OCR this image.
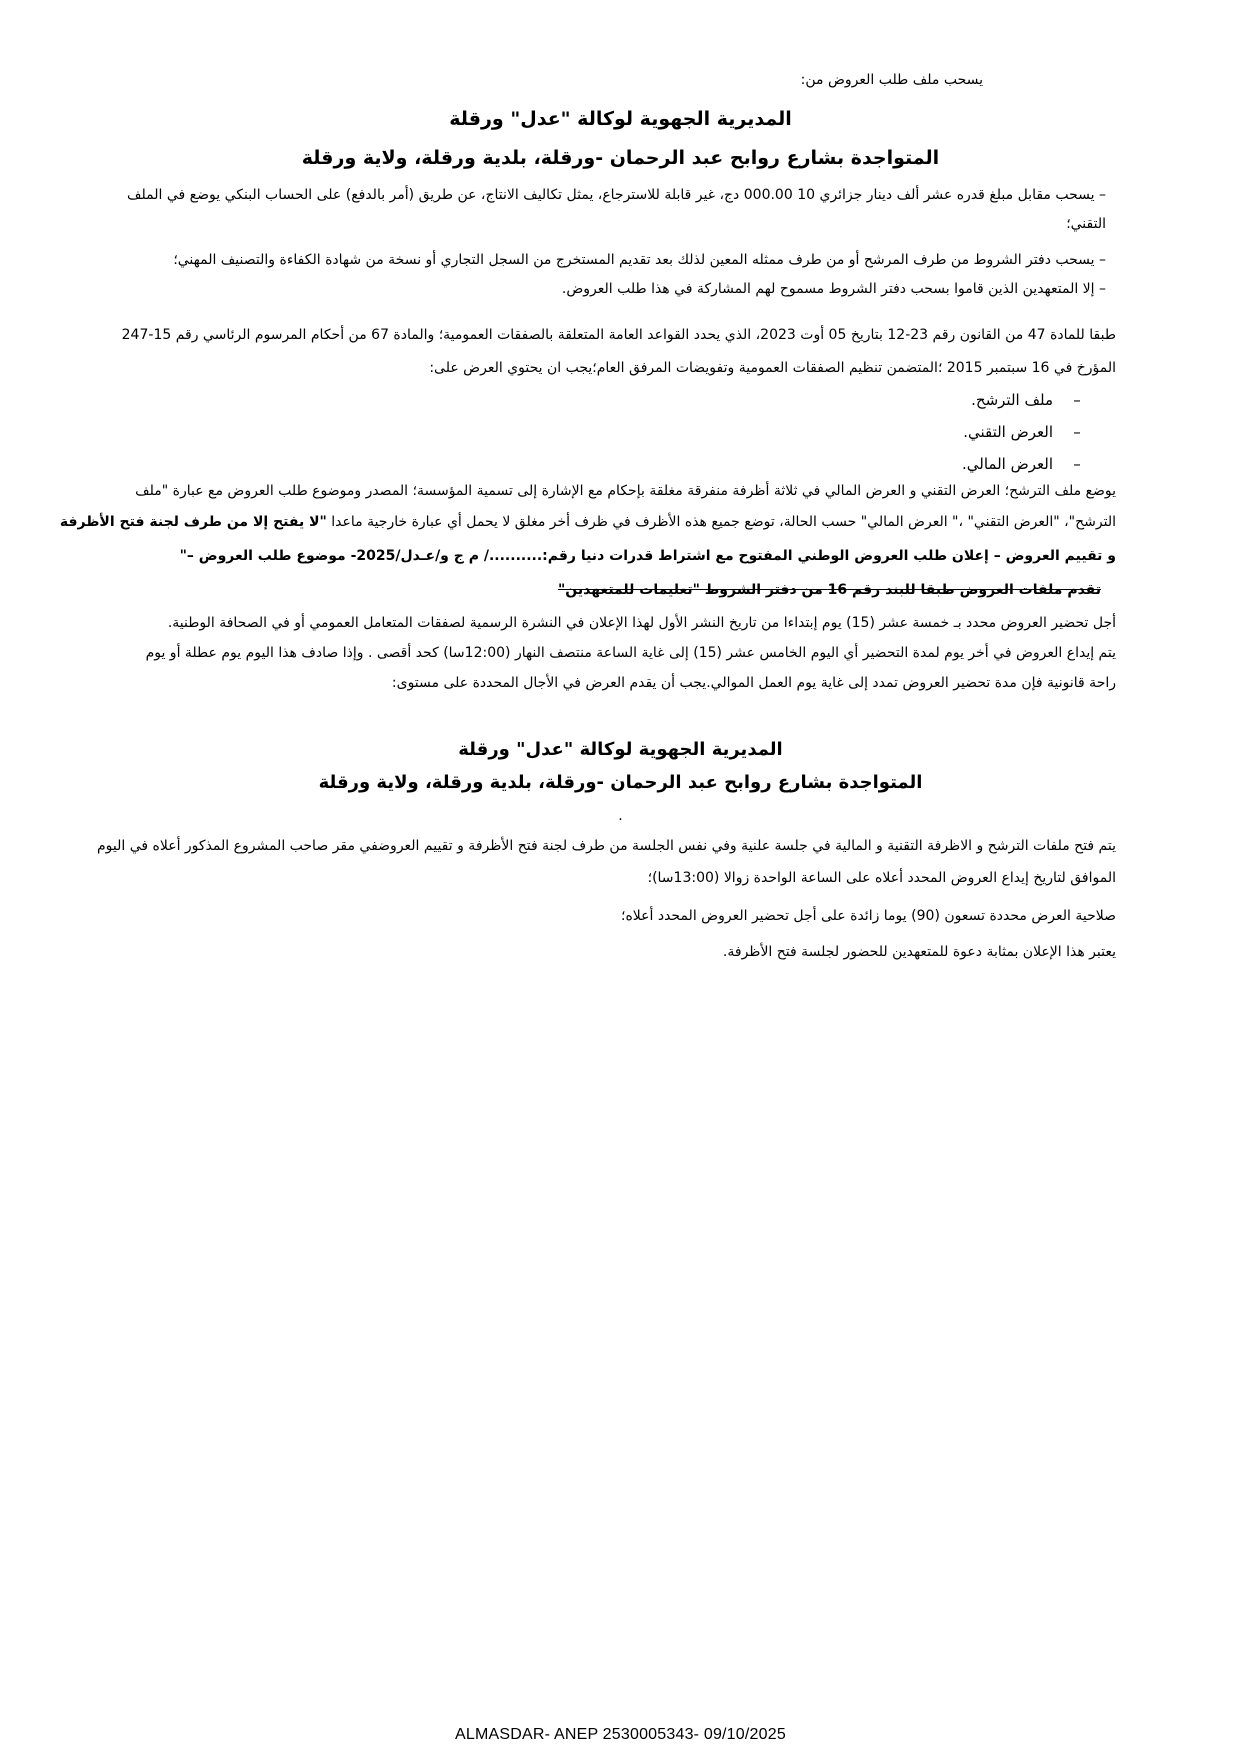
يسحب ملف طلب العروض من:
المديرية الجهوية لوكالة "عدل" ورقلة
المتواجدة بشارع روابح عبد الرحمان -ورقلة، بلدية ورقلة، ولاية ورقلة
– يسحب مقابل مبلغ قدره عشر ألف دينار جزائري 10 000.00 دج، غير قابلة للاسترجاع، يمثل تكاليف الانتاج، عن طريق (أمر بالدفع) على الحساب البنكي يوضع في الملف
التقني؛
– يسحب دفتر الشروط من طرف المرشح أو من طرف ممثله المعين لذلك بعد تقديم المستخرج من السجل التجاري أو نسخة من شهادة الكفاءة والتصنيف المهني؛
– إلا المتعهدين الذين قاموا بسحب دفتر الشروط مسموح لهم المشاركة في هذا طلب العروض.
طبقا للمادة 47 من القانون رقم 23-12 بتاريخ 05 أوت 2023، الذي يحدد القواعد العامة المتعلقة بالصفقات العمومية؛ والمادة 67 من أحكام المرسوم الرئاسي رقم 15-247
المؤرخ في 16 سبتمبر 2015 ؛المتضمن تنظيم الصفقات العمومية وتفويضات المرفق العام؛يجب ان يحتوي العرض على:
–
ملف الترشح.
–
العرض التقني.
–
العرض المالي.
يوضع ملف الترشح؛ العرض التقني و العرض المالي في ثلاثة أظرفة منفرقة مغلقة بإحكام مع الإشارة إلى تسمية المؤسسة؛ المصدر وموضوع طلب العروض مع عبارة "ملف
الترشح"، "العرض التقني" ،" العرض المالي" حسب الحالة، توضع جميع هذه الأظرف في ظرف أخر مغلق لا يحمل أي عبارة خارجية ماعدا "لا يفتح إلا من طرف لجنة فتح الأظرفة
و تقييم العروض – إعلان طلب العروض الوطني المفتوح مع اشتراط قدرات دنيا رقم:........../ م ج و/عـدل/2025- موضوع طلب العروض –"
تقدم ملفات العروض طبقا للبند رقم 16 من دفتر الشروط "تعليمات للمتعهدين"
أجل تحضير العروض محدد بـ خمسة عشر (15) يوم إبتداءا من تاريخ النشر الأول لهذا الإعلان في النشرة الرسمية لصفقات المتعامل العمومي أو في الصحافة الوطنية.
يتم إيداع العروض في أخر يوم لمدة التحضير أي اليوم الخامس عشر (15) إلى غاية الساعة منتصف النهار (12:00سا) كحد أقصى . وإذا صادف هذا اليوم يوم عطلة أو يوم
راحة قانونية فإن مدة تحضير العروض تمدد إلى غاية يوم العمل الموالي.يجب أن يقدم العرض في الأجال المحددة على مستوى:
المديرية الجهوية لوكالة "عدل" ورقلة
المتواجدة بشارع روابح عبد الرحمان -ورقلة، بلدية ورقلة، ولاية ورقلة
.
يتم فتح ملفات الترشح و الاظرفة التقنية و المالية في جلسة علنية وفي نفس الجلسة من طرف لجنة فتح الأظرفة و تقييم العروضفي مقر صاحب المشروع المذكور أعلاه في اليوم
الموافق لتاريخ إيداع العروض المحدد أعلاه على الساعة الواحدة زوالا (13:00سا)؛
صلاحية العرض محددة تسعون (90) يوما زائدة على أجل تحضير العروض المحدد أعلاه؛
يعتبر هذا الإعلان بمثابة دعوة للمتعهدين للحضور لجلسة فتح الأظرفة.
ALMASDAR- ANEP 2530005343- 09/10/2025
